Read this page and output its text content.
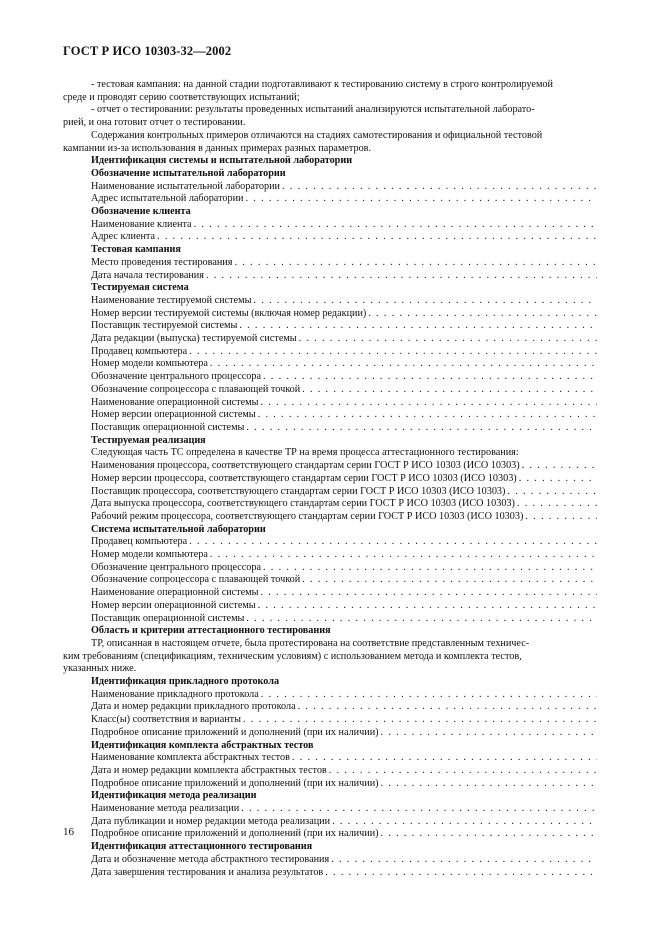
ГОСТ Р ИСО 10303-32—2002
- тестовая кампания: на данной стадии подготавливают к тестированию систему в строго контролируемой
среде и проводят серию соответствующих испытаний;
- отчет о тестировании: результаты проведенных испытаний анализируются испытательной лаборато-
рией, и она готовит отчет о тестировании.
Содержания контрольных примеров отличаются на стадиях самотестирования и официальной тестовой
кампании из-за использования в данных примерах разных параметров.
Идентификация системы и испытательной лаборатории
Обозначение испытательной лаборатории
Наименование испытательной лаборатории
. . .
Адрес испытательной лаборатории
. . .
Обозначение клиента
Наименование клиента
. . .
Адрес клиента
. . .
Тестовая кампания
Место проведения тестирования
. . .
Дата начала тестирования
. . .
Тестируемая система
Наименование тестируемой системы
. . .
Номер версии тестируемой системы (включая номер редакции)
. . .
Поставщик тестируемой системы
. . .
Дата редакции (выпуска) тестируемой системы
. . .
Продавец компьютера
. . .
Номер модели компьютера
. . .
Обозначение центрального процессора
. . .
Обозначение сопроцессора с плавающей точкой
. . .
Наименование операционной системы
. . .
Номер версии операционной системы
. . .
Поставщик операционной системы
. . .
Тестируемая реализация
Следующая часть ТС определена в качестве ТР на время процесса аттестационного тестирования:
Наименования процессора, соответствующего стандартам серии ГОСТ Р ИСО 10303 (ИСО 10303)
. . .
Номер версии процессора, соответствующего стандартам серии ГОСТ Р ИСО 10303 (ИСО 10303)
. . .
Поставщик процессора, соответствующего стандартам серии ГОСТ Р ИСО 10303 (ИСО 10303)
. . .
Дата выпуска процессора, соответствующего стандартам серии ГОСТ Р ИСО 10303 (ИСО 10303)
. . .
Рабочий режим процессора, соответствующего стандартам серии ГОСТ Р ИСО 10303 (ИСО 10303)
. . .
Система испытательной лаборатории
Продавец компьютера
. . .
Номер модели компьютера
. . .
Обозначение центрального процессора
. . .
Обозначение сопроцессора с плавающей точкой
. . .
Наименование операционной системы
. . .
Номер версии операционной системы
. . .
Поставщик операционной системы
. . .
Область и критерии аттестационного тестирования
ТР, описанная в настоящем отчете, была протестирована на соответствие представленным техничес-
ким требованиям (спецификациям, техническим условиям) с использованием метода и комплекта тестов,
указанных ниже.
Идентификация прикладного протокола
Наименование прикладного протокола
. . .
Дата и номер редакции прикладного протокола
. . .
Класс(ы) соответствия и варианты
. . .
Подробное описание приложений и дополнений (при их наличии)
. . .
Идентификация комплекта абстрактных тестов
Наименование комплекта абстрактных тестов
. . .
Дата и номер редакции комплекта абстрактных тестов
. . .
Подробное описание приложений и дополнений (при их наличии)
. . .
Идентификация метода реализации
Наименование метода реализации
. . .
Дата публикации и номер редакции метода реализации
. . .
Подробное описание приложений и дополнений (при их наличии)
. . .
Идентификация аттестационного тестирования
Дата и обозначение метода абстрактного тестирования
. . .
Дата завершения тестирования и анализа результатов
. . .
16
